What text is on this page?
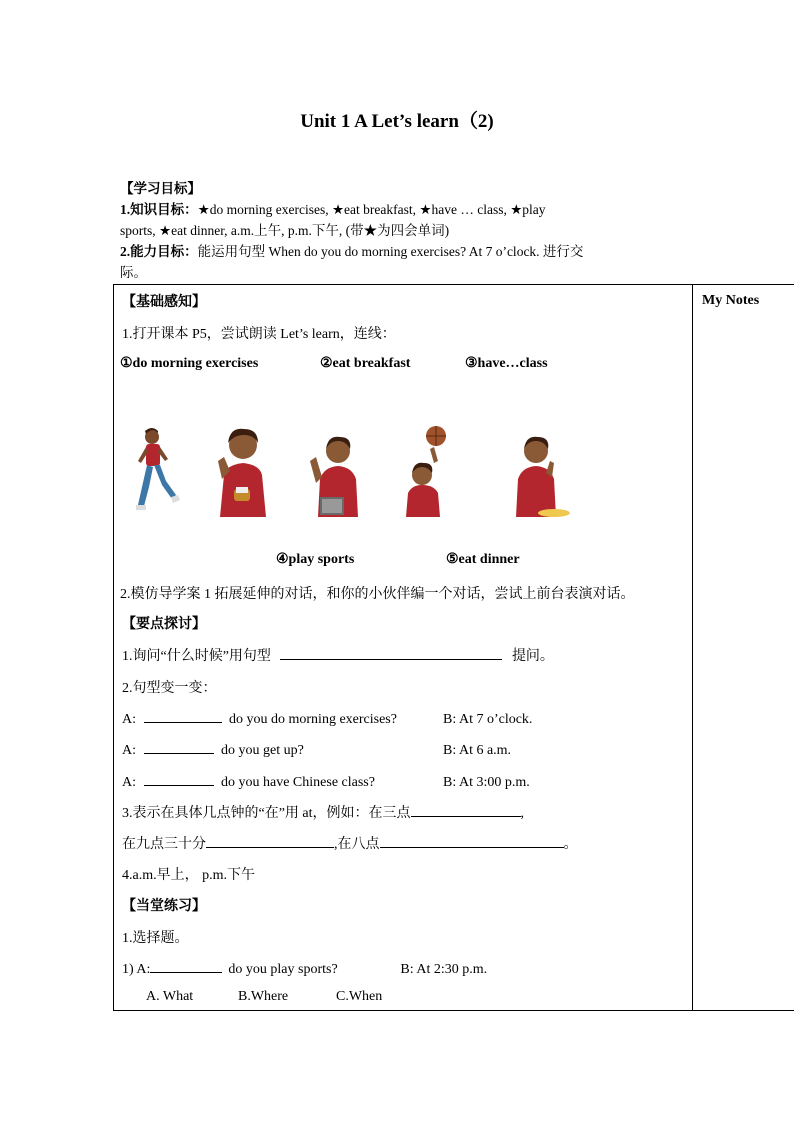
Unit 1 A Let’s learn（2)
【学习目标】
1.知识目标：★do morning exercises, ★eat breakfast, ★have … class, ★play
sports, ★eat dinner, a.m.上午, p.m.下午, (带★为四会单词)
2.能力目标：能运用句型 When do you do morning exercises? At 7 o’clock. 进行交
际。
My Notes
【基础感知】
1.打开课本 P5，尝试朗读 Let’s learn，连线：
①do morning exercises	②eat breakfast	③have…class
④play sports	⑤eat dinner
2.模仿导学案 1 拓展延伸的对话，和你的小伙伴编一个对话，尝试上前台表演对话。
【要点探讨】
1.询问“什么时候”用句型	提问。
2.句型变一变：
A:	do you do morning exercises?	B: At 7 o’clock.
A:	do you get up?	B: At 6 a.m.
A:	do you have Chinese class?	B: At 3:00 p.m.
3.表示在具体几点钟的“在”用 at，例如：在三点	,
在九点三十分	,在八点	。
4.a.m.早上， p.m.下午
【当堂练习】
1.选择题。
1) A:	do you play sports?	B: At 2:30 p.m.
A. What	B.Where	C.When
